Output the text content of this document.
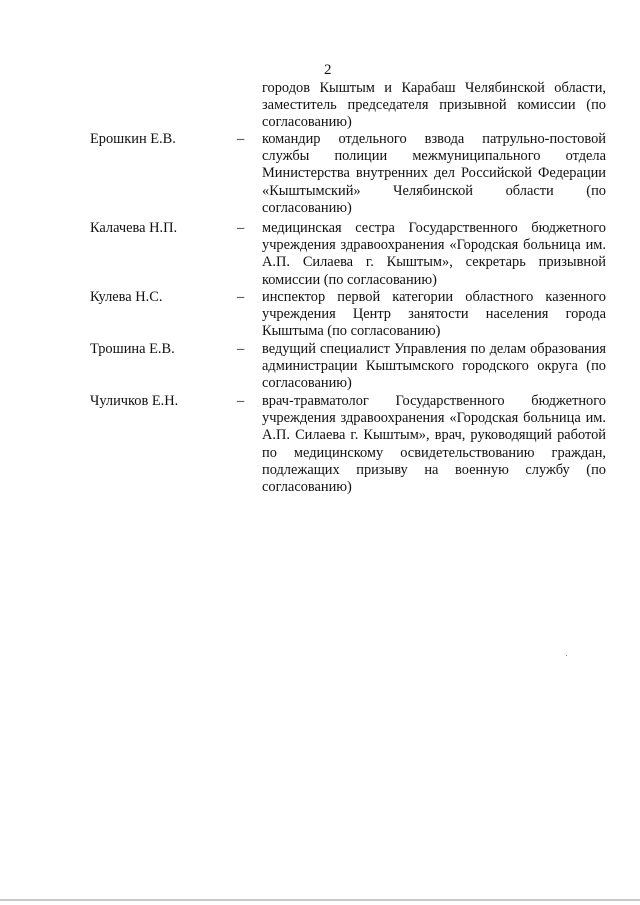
2
городов Кыштым и Карабаш Челябинской области, заместитель председателя призывной комиссии (по согласованию)
Ерошкин Е.В.	– командир отдельного взвода патрульно-постовой службы полиции межмуниципального отдела Министерства внутренних дел Российской Федерации «Кыштымский» Челябинской области (по согласованию)
Калачева Н.П.	– медицинская сестра Государственного бюджетного учреждения здравоохранения «Городская больница им. А.П. Силаева г. Кыштым», секретарь призывной комиссии (по согласованию)
Кулева Н.С.	– инспектор первой категории областного казенного учреждения Центр занятости населения города Кыштыма (по согласованию)
Трошина Е.В.	– ведущий специалист Управления по делам образования администрации Кыштымского городского округа (по согласованию)
Чуличков Е.Н.	– врач-травматолог Государственного бюджетного учреждения здравоохранения «Городская больница им. А.П. Силаева г. Кыштым», врач, руководящий работой по медицинскому освидетельствованию граждан, подлежащих призыву на военную службу (по согласованию)
